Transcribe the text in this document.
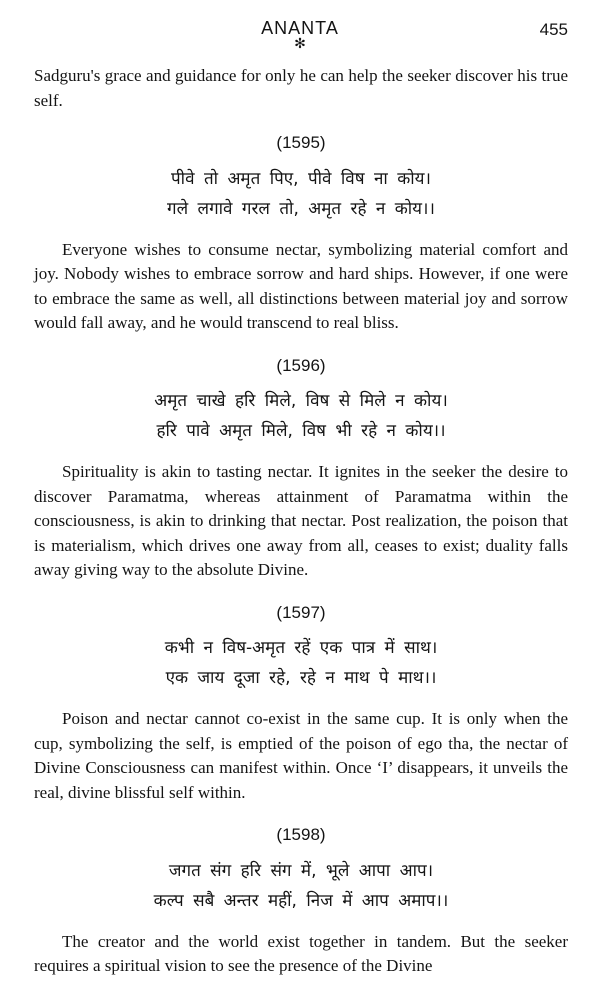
ANANTA
✻
455

Sadguru's grace and guidance for only he can help the seeker discover his true self.

(1595)
पीवे तो अमृत पिए, पीवे विष ना कोय।
गले लगावे गरल तो, अमृत रहे न कोय।।

Everyone wishes to consume nectar, symbolizing material comfort and joy. Nobody wishes to embrace sorrow and hard ships. However, if one were to embrace the same as well, all distinctions between material joy and sorrow would fall away, and he would transcend to real bliss.

(1596)
अमृत चाखे हरि मिले, विष से मिले न कोय।
हरि पावे अमृत मिले, विष भी रहे न कोय।।

Spirituality is akin to tasting nectar. It ignites in the seeker the desire to discover Paramatma, whereas attainment of Paramatma within the consciousness, is akin to drinking that nectar. Post realization, the poison that is materialism, which drives one away from all, ceases to exist; duality falls away giving way to the absolute Divine.

(1597)
कभी न विष-अमृत रहें एक पात्र में साथ।
एक जाय दूजा रहे, रहे न माथ पे माथ।।

Poison and nectar cannot co-exist in the same cup. It is only when the cup, symbolizing the self, is emptied of the poison of ego tha, the nectar of Divine Consciousness can manifest within. Once ‘I’ disappears, it unveils the real, divine blissful self within.

(1598)
जगत संग हरि संग में, भूले आपा आप।
कल्प सबै अन्तर महीं, निज में आप अमाप।।

The creator and the world exist together in tandem. But the seeker requires a spiritual vision to see the presence of the Divine
